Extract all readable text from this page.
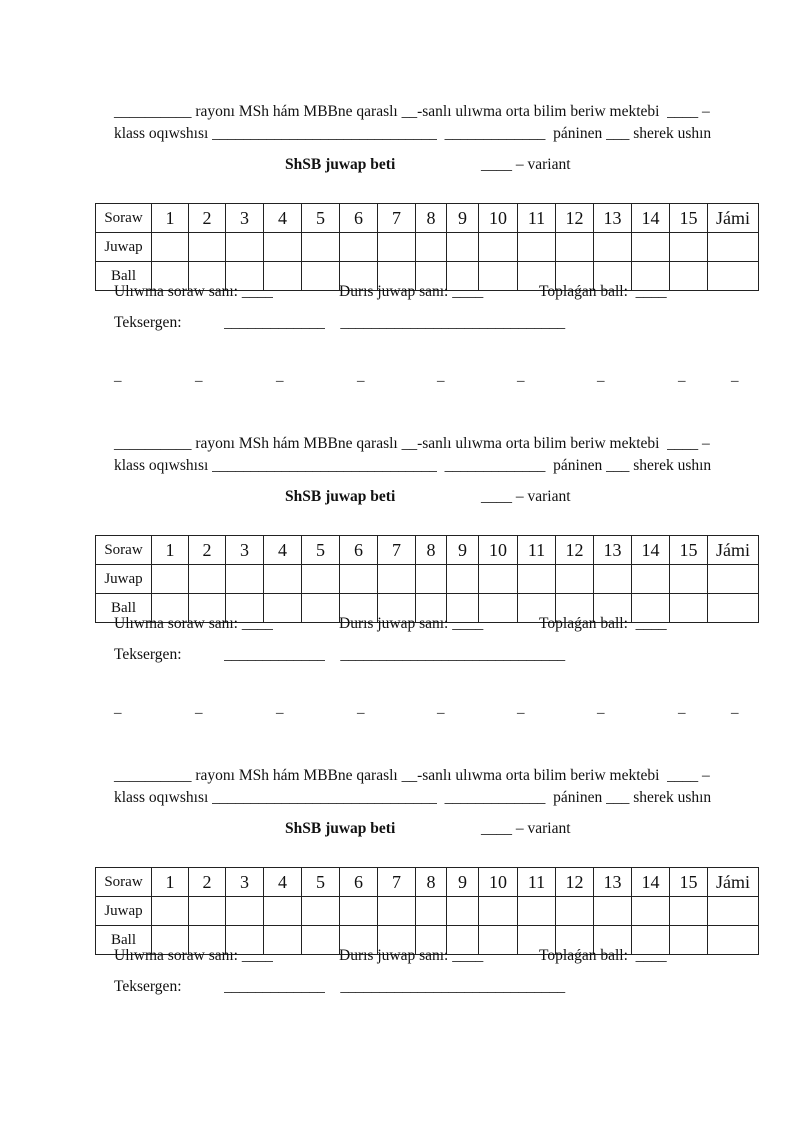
__________ rayonı MSh hám MBBne qaraslı __-sanlı ulıwma orta bilim beriw mektebi  ____ –
klass oqıwshısı _____________________________  _____________  páninen ___ sherek ushın
ShSB juwap beti	____ – variant
Soraw	1	2	3	4	5	6	7	8	9	10	11	12	13	14	15	Jámi
Juwap																
Ball																
Ulıwma soraw sanı: ____	Durıs juwap sanı: ____	Toplaǵan ball:  ____
Teksergen:           _____________    _____________________________
–	–	–	–	–	–	–	–	–
__________ rayonı MSh hám MBBne qaraslı __-sanlı ulıwma orta bilim beriw mektebi  ____ –
klass oqıwshısı _____________________________  _____________  páninen ___ sherek ushın
ShSB juwap beti	____ – variant
Soraw	1	2	3	4	5	6	7	8	9	10	11	12	13	14	15	Jámi
Juwap																
Ball																
Ulıwma soraw sanı: ____	Durıs juwap sanı: ____	Toplaǵan ball:  ____
Teksergen:           _____________    _____________________________
–	–	–	–	–	–	–	–	–
__________ rayonı MSh hám MBBne qaraslı __-sanlı ulıwma orta bilim beriw mektebi  ____ –
klass oqıwshısı _____________________________  _____________  páninen ___ sherek ushın
ShSB juwap beti	____ – variant
Soraw	1	2	3	4	5	6	7	8	9	10	11	12	13	14	15	Jámi
Juwap																
Ball																
Ulıwma soraw sanı: ____	Durıs juwap sanı: ____	Toplaǵan ball:  ____
Teksergen:           _____________    _____________________________
